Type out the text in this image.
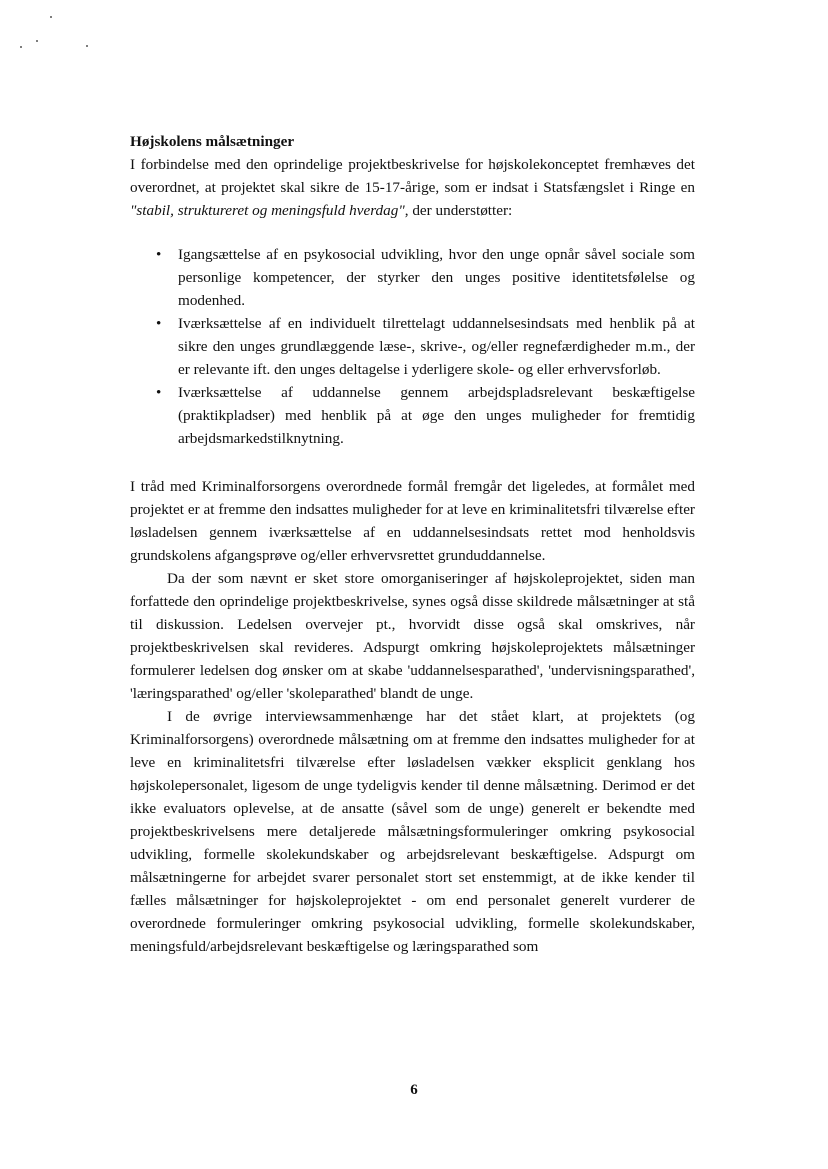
Højskolens målsætninger

I forbindelse med den oprindelige projektbeskrivelse for højskolekonceptet fremhæves det overordnet, at projektet skal sikre de 15-17-årige, som er indsat i Statsfængslet i Ringe en "stabil, struktureret og meningsfuld hverdag", der understøtter:

• Igangsættelse af en psykosocial udvikling, hvor den unge opnår såvel sociale som personlige kompetencer, der styrker den unges positive identitetsfølelse og modenhed.
• Iværksættelse af en individuelt tilrettelagt uddannelsesindsats med henblik på at sikre den unges grundlæggende læse-, skrive-, og/eller regnefærdigheder m.m., der er relevante ift. den unges deltagelse i yderligere skole- og eller erhvervsforløb.
• Iværksættelse af uddannelse gennem arbejdspladsrelevant beskæftigelse (praktikpladser) med henblik på at øge den unges muligheder for fremtidig arbejdsmarkedstilknytning.

I tråd med Kriminalforsorgens overordnede formål fremgår det ligeledes, at formålet med projektet er at fremme den indsattes muligheder for at leve en kriminalitetsfri tilværelse efter løsladelsen gennem iværksættelse af en uddannelsesindsats rettet mod henholdsvis grundskolens afgangsprøve og/eller erhvervsrettet grunduddannelse.

Da der som nævnt er sket store omorganiseringer af højskoleprojektet, siden man forfattede den oprindelige projektbeskrivelse, synes også disse skildrede målsætninger at stå til diskussion. Ledelsen overvejer pt., hvorvidt disse også skal omskrives, når projektbeskrivelsen skal revideres. Adspurgt omkring højskoleprojektets målsætninger formulerer ledelsen dog ønsker om at skabe 'uddannelsesparathed', 'undervisningsparathed', 'læringsparathed' og/eller 'skoleparathed' blandt de unge.

I de øvrige interviewsammenhænge har det stået klart, at projektets (og Kriminalforsorgens) overordnede målsætning om at fremme den indsattes muligheder for at leve en kriminalitetsfri tilværelse efter løsladelsen vækker eksplicit genklang hos højskolepersonalet, ligesom de unge tydeligvis kender til denne målsætning. Derimod er det ikke evaluators oplevelse, at de ansatte (såvel som de unge) generelt er bekendte med projektbeskrivelsens mere detaljerede målsætningsformuleringer omkring psykosocial udvikling, formelle skolekundskaber og arbejdsrelevant beskæftigelse. Adspurgt om målsætningerne for arbejdet svarer personalet stort set enstemmigt, at de ikke kender til fælles målsætninger for højskoleprojektet - om end personalet generelt vurderer de overordnede formuleringer omkring psykosocial udvikling, formelle skolekundskaber, meningsfuld/arbejdsrelevant beskæftigelse og læringsparathed som

6
